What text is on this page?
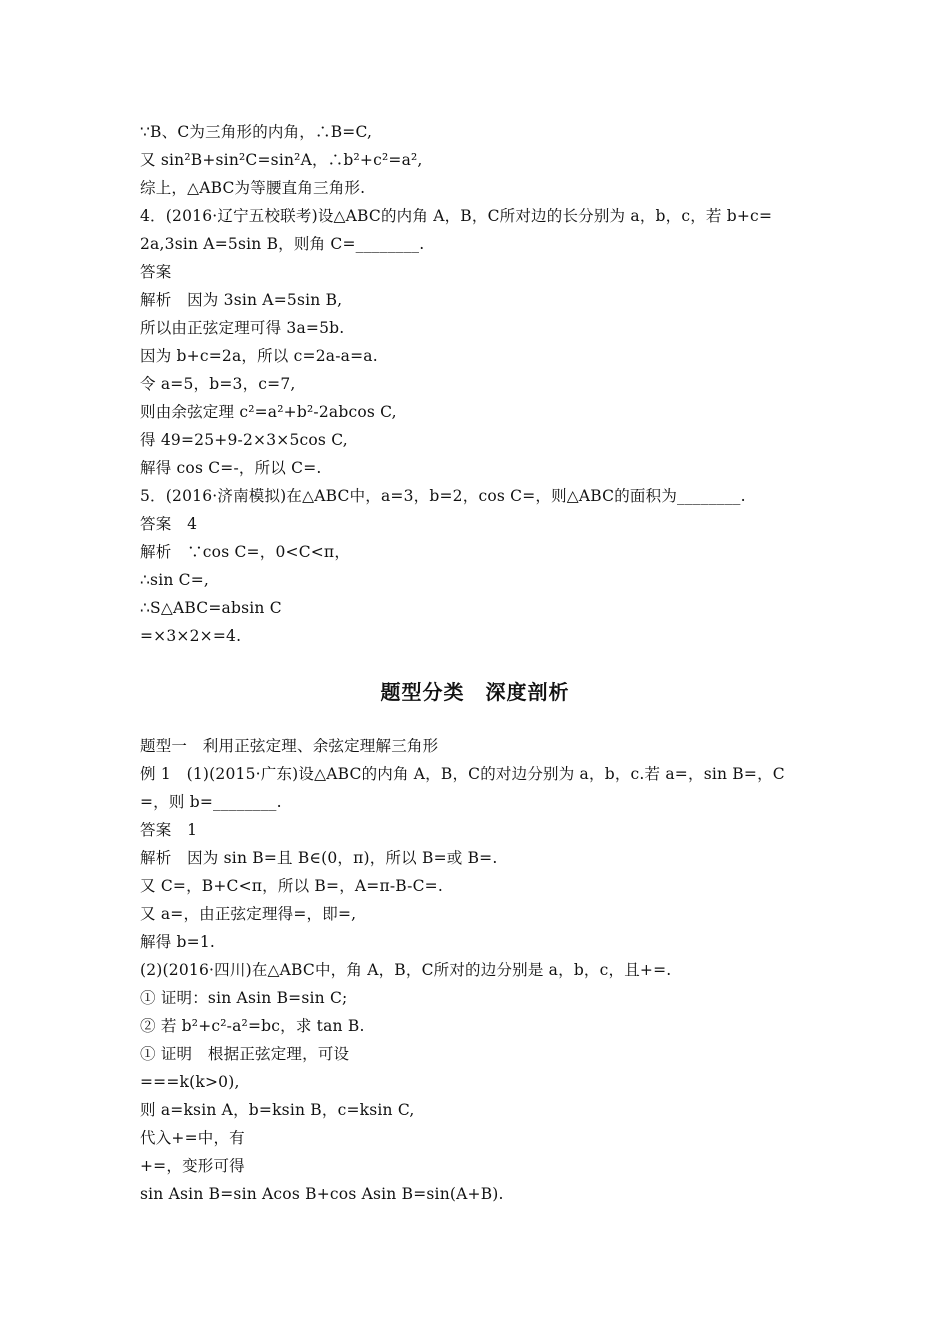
∵B、C为三角形的内角，∴B=C,
又 sin²B+sin²C=sin²A，∴b²+c²=a²,
综上，△ABC为等腰直角三角形.
4．(2016·辽宁五校联考)设△ABC的内角 A，B，C所对边的长分别为 a，b，c，若 b+c=
2a,3sin A=5sin B，则角 C=________.
答案
解析　因为 3sin A=5sin B,
所以由正弦定理可得 3a=5b.
因为 b+c=2a，所以 c=2a-a=a.
令 a=5，b=3，c=7,
则由余弦定理 c²=a²+b²-2abcos C,
得 49=25+9-2×3×5cos C,
解得 cos C=-，所以 C=.
5．(2016·济南模拟)在△ABC中，a=3，b=2，cos C=，则△ABC的面积为________.
答案　4
解析　∵cos C=，0<C<π，
∴sin C=,
∴S△ABC=absin C
=×3×2×=4.
题型分类　深度剖析
题型一　利用正弦定理、余弦定理解三角形
例 1　(1)(2015·广东)设△ABC的内角 A，B，C的对边分别为 a，b，c.若 a=，sin B=，C
=，则 b=________.
答案　1
解析　因为 sin B=且 B∈(0，π)，所以 B=或 B=.
又 C=，B+C<π，所以 B=，A=π-B-C=.
又 a=，由正弦定理得=，即=,
解得 b=1.
(2)(2016·四川)在△ABC中，角 A，B，C所对的边分别是 a，b，c，且+=.
① 证明：sin Asin B=sin C;
② 若 b²+c²-a²=bc，求 tan B.
① 证明　根据正弦定理，可设
===k(k>0),
则 a=ksin A，b=ksin B，c=ksin C,
代入+=中，有
+=，变形可得
sin Asin B=sin Acos B+cos Asin B=sin(A+B).
